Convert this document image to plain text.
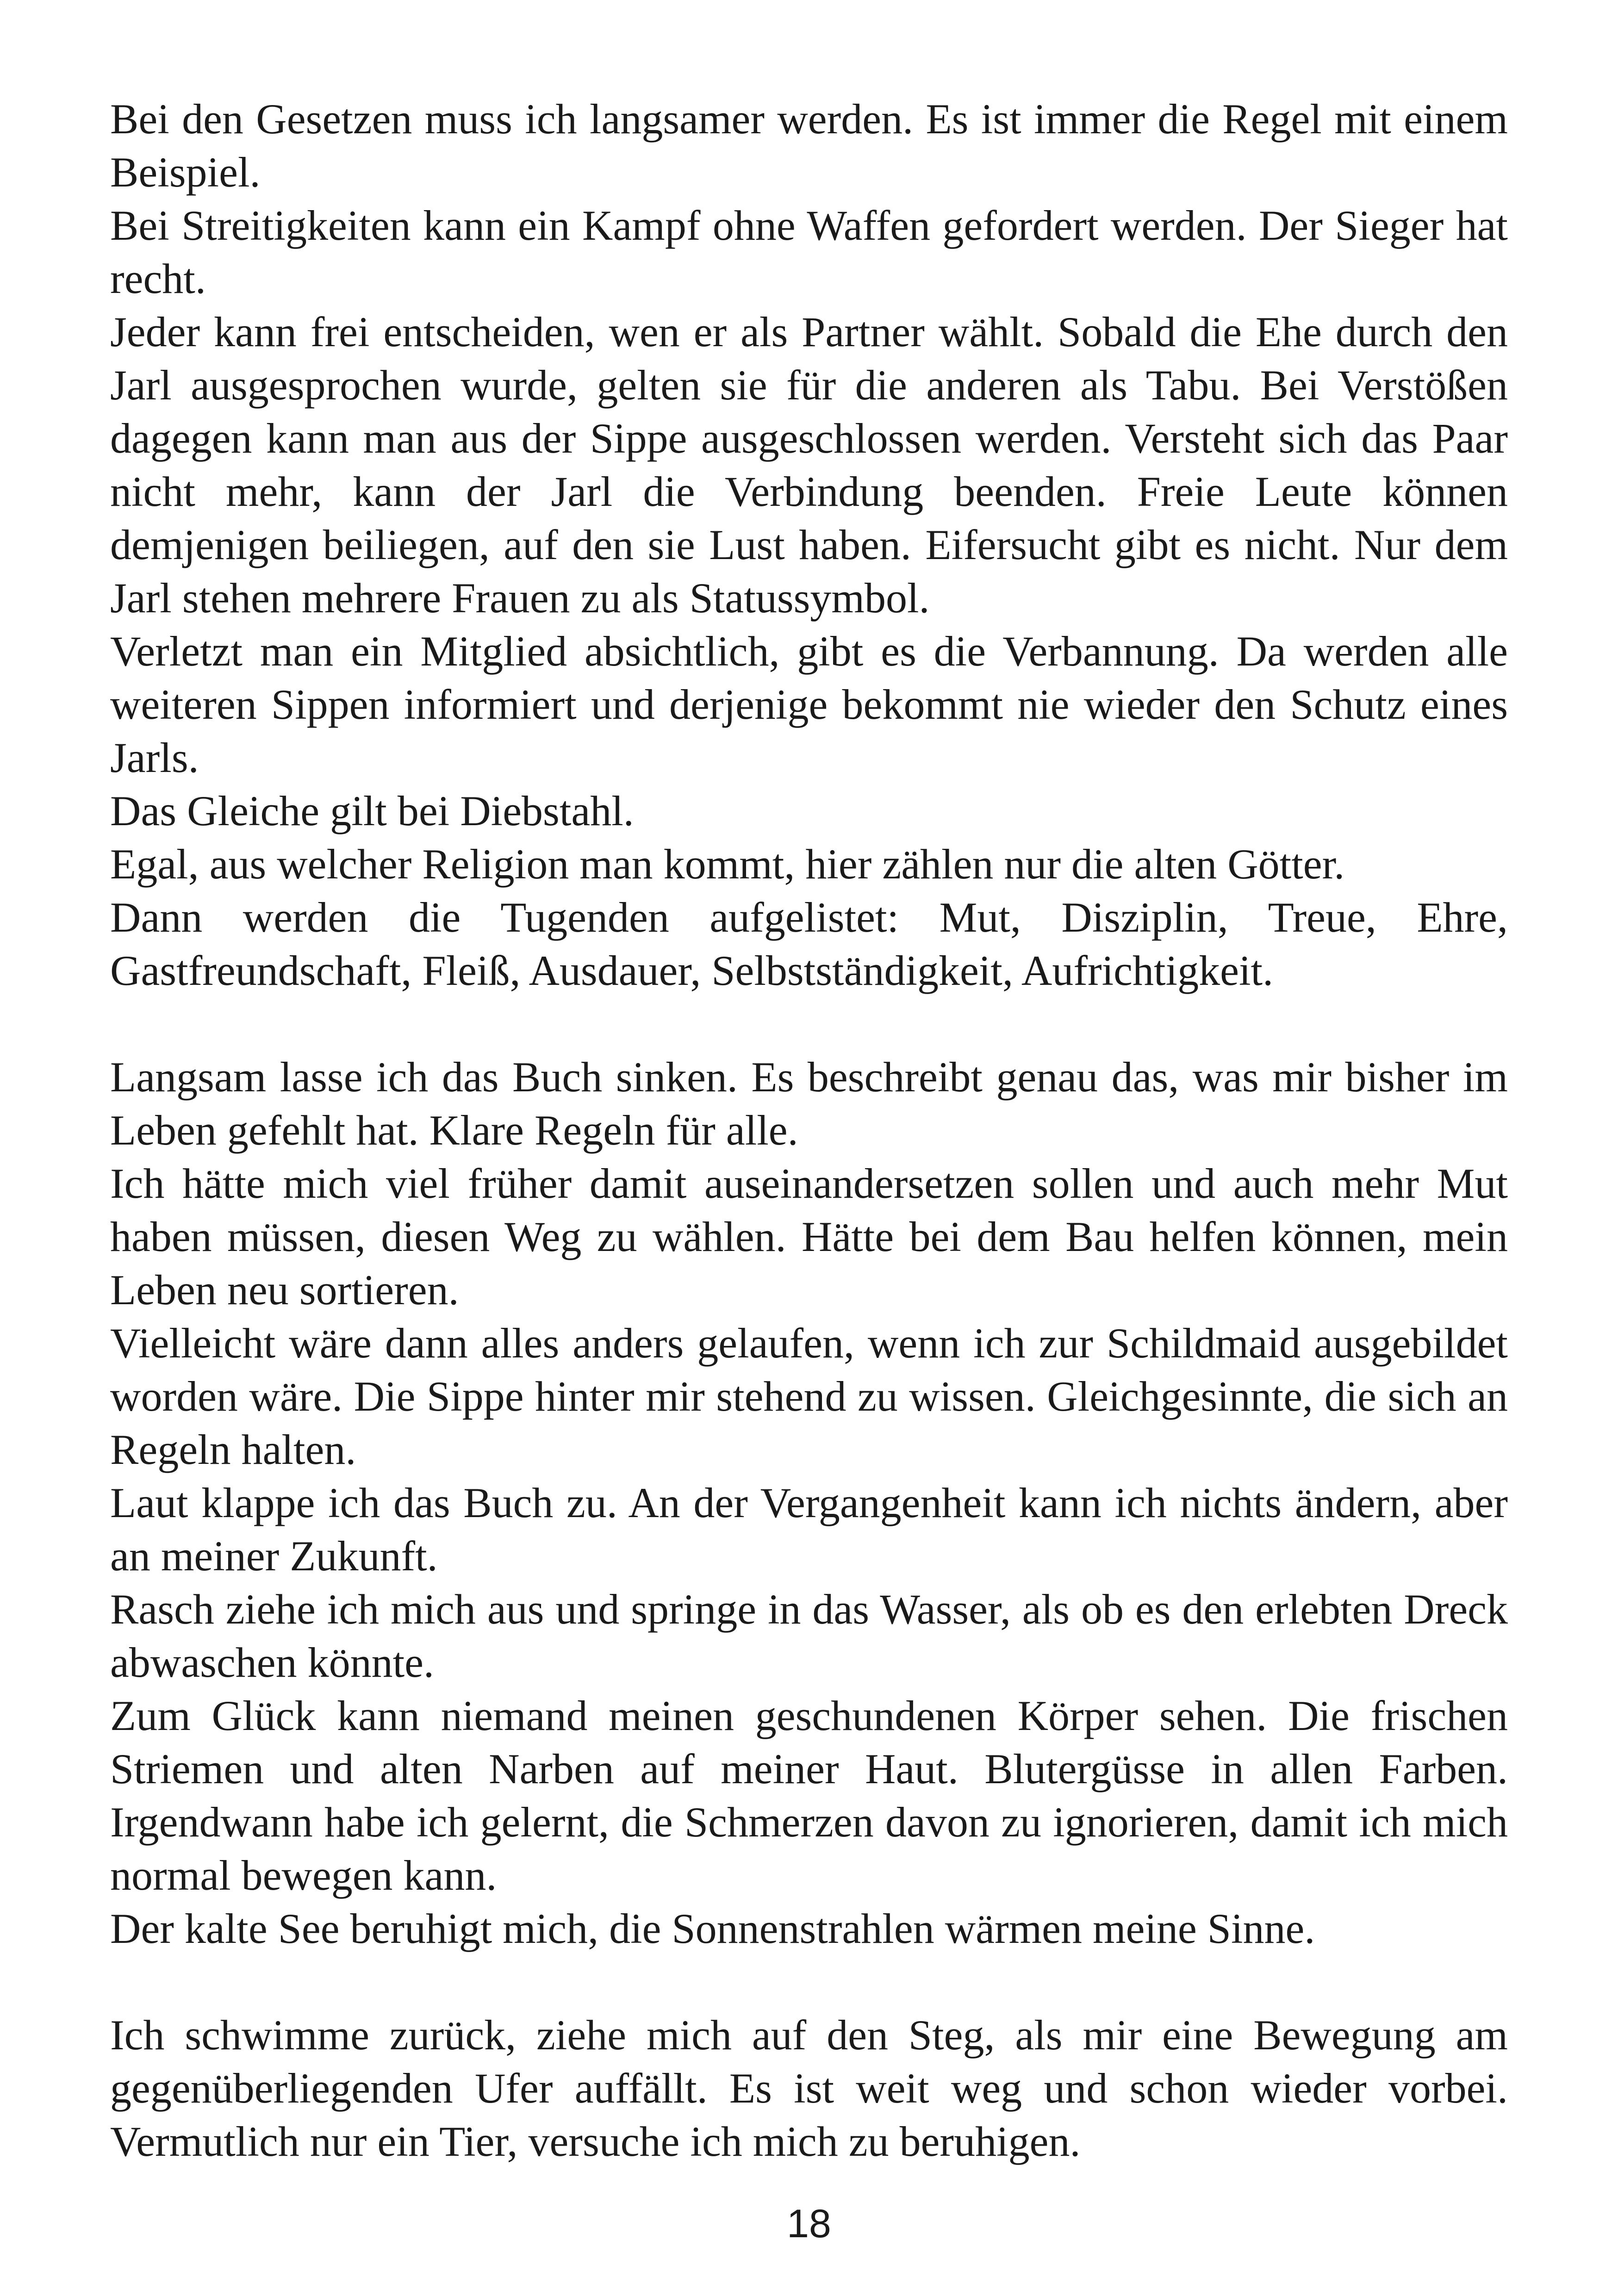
Bei den Gesetzen muss ich langsamer werden. Es ist immer die Regel mit einem Beispiel.

Bei Streitigkeiten kann ein Kampf ohne Waffen gefordert werden. Der Sieger hat recht.

Jeder kann frei entscheiden, wen er als Partner wählt. Sobald die Ehe durch den Jarl ausgesprochen wurde, gelten sie für die anderen als Tabu. Bei Verstößen dagegen kann man aus der Sippe ausgeschlossen werden. Versteht sich das Paar nicht mehr, kann der Jarl die Verbindung beenden. Freie Leute können demjenigen beiliegen, auf den sie Lust haben. Eifersucht gibt es nicht. Nur dem Jarl stehen mehrere Frauen zu als Statussymbol.

Verletzt man ein Mitglied absichtlich, gibt es die Verbannung. Da werden alle weiteren Sippen informiert und derjenige bekommt nie wieder den Schutz eines Jarls.

Das Gleiche gilt bei Diebstahl.

Egal, aus welcher Religion man kommt, hier zählen nur die alten Götter.

Dann werden die Tugenden aufgelistet: Mut, Disziplin, Treue, Ehre, Gastfreundschaft, Fleiß, Ausdauer, Selbstständigkeit, Aufrichtigkeit.

Langsam lasse ich das Buch sinken. Es beschreibt genau das, was mir bisher im Leben gefehlt hat. Klare Regeln für alle.

Ich hätte mich viel früher damit auseinandersetzen sollen und auch mehr Mut haben müssen, diesen Weg zu wählen. Hätte bei dem Bau helfen können, mein Leben neu sortieren.

Vielleicht wäre dann alles anders gelaufen, wenn ich zur Schildmaid ausgebildet worden wäre. Die Sippe hinter mir stehend zu wissen. Gleichgesinnte, die sich an Regeln halten.

Laut klappe ich das Buch zu. An der Vergangenheit kann ich nichts ändern, aber an meiner Zukunft.

Rasch ziehe ich mich aus und springe in das Wasser, als ob es den erlebten Dreck abwaschen könnte.

Zum Glück kann niemand meinen geschundenen Körper sehen. Die frischen Striemen und alten Narben auf meiner Haut. Blutergüsse in allen Farben. Irgendwann habe ich gelernt, die Schmerzen davon zu ignorieren, damit ich mich normal bewegen kann.

Der kalte See beruhigt mich, die Sonnenstrahlen wärmen meine Sinne.

Ich schwimme zurück, ziehe mich auf den Steg, als mir eine Bewegung am gegenüberliegenden Ufer auffällt. Es ist weit weg und schon wieder vorbei. Vermutlich nur ein Tier, versuche ich mich zu beruhigen.

18
